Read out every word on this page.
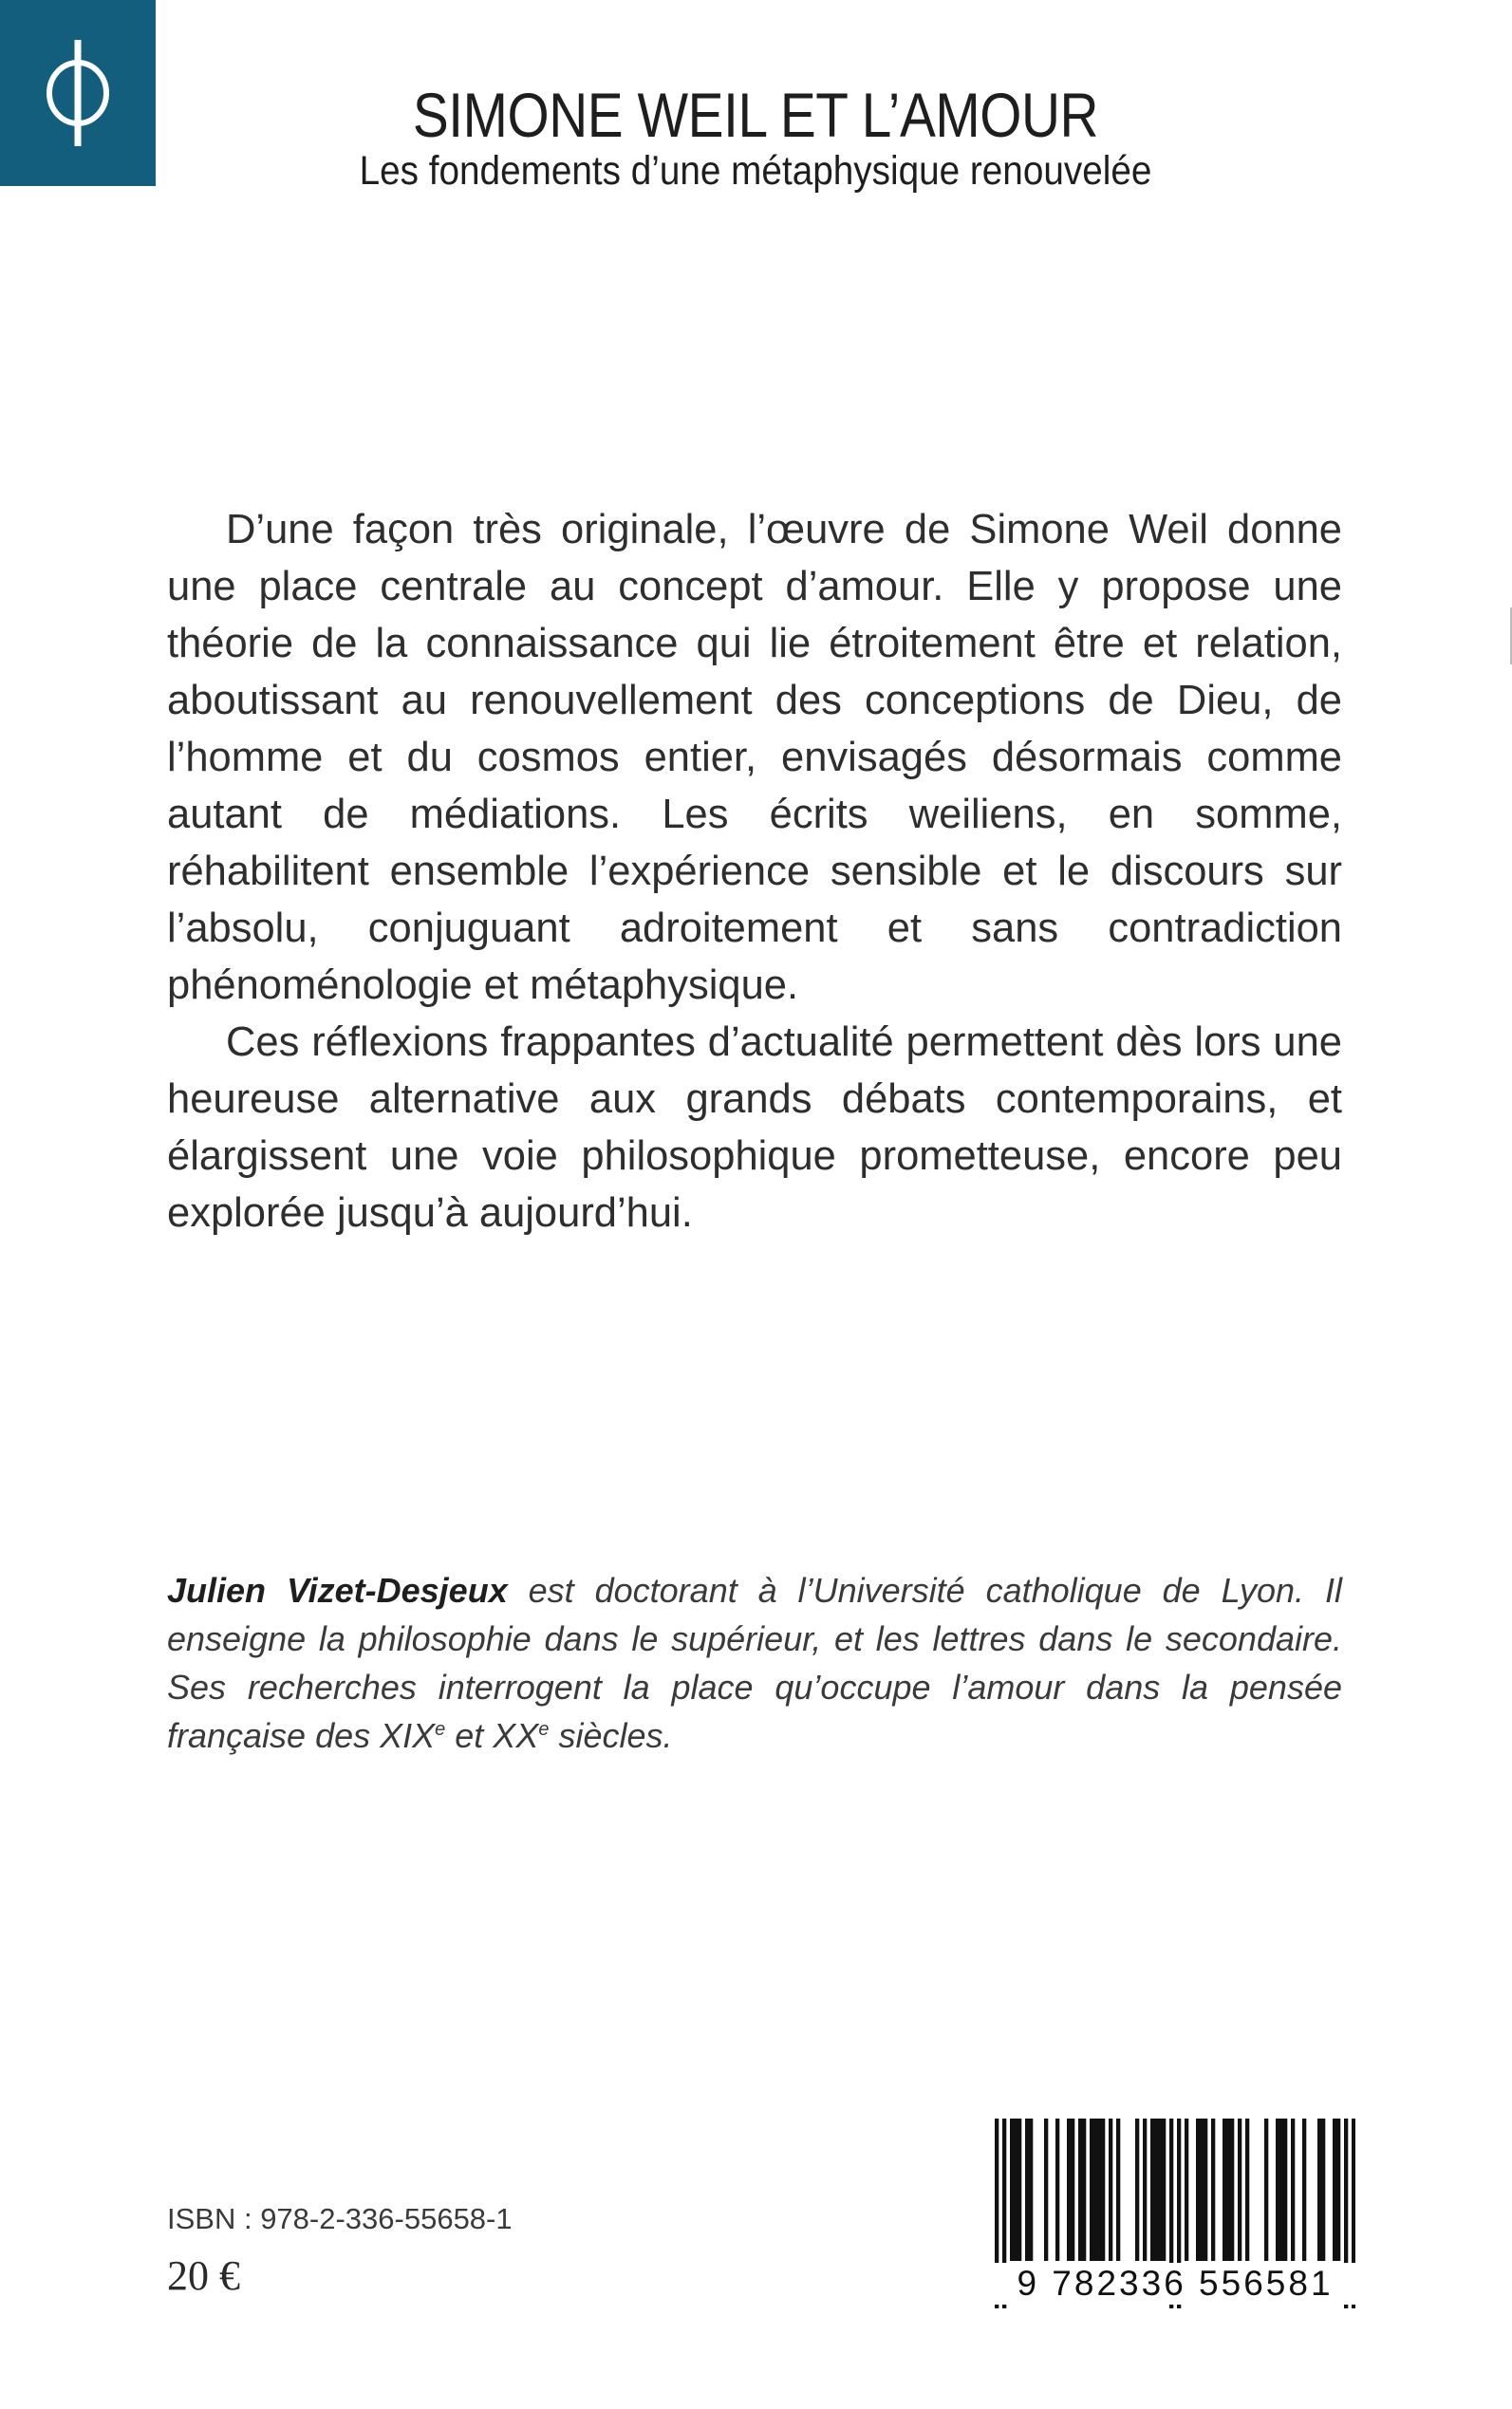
SIMONE WEIL ET L’AMOUR
Les fondements d’une métaphysique renouvelée

D’une façon très originale, l’œuvre de Simone Weil donne une place centrale au concept d’amour. Elle y propose une théorie de la connaissance qui lie étroitement être et relation, aboutissant au renouvellement des conceptions de Dieu, de l’homme et du cosmos entier, envisagés désormais comme autant de médiations. Les écrits weiliens, en somme, réhabilitent ensemble l’expérience sensible et le discours sur l’absolu, conjuguant adroitement et sans contradiction phénoménologie et métaphysique.

Ces réflexions frappantes d’actualité permettent dès lors une heureuse alternative aux grands débats contemporains, et élargissent une voie philosophique prometteuse, encore peu explorée jusqu’à aujourd’hui.

Julien Vizet-Desjeux est doctorant à l’Université catholique de Lyon. Il enseigne la philosophie dans le supérieur, et les lettres dans le secondaire. Ses recherches interrogent la place qu’occupe l’amour dans la pensée française des XIXe et XXe siècles.

ISBN : 978-2-336-55658-1
20 €	9 782336 556581
